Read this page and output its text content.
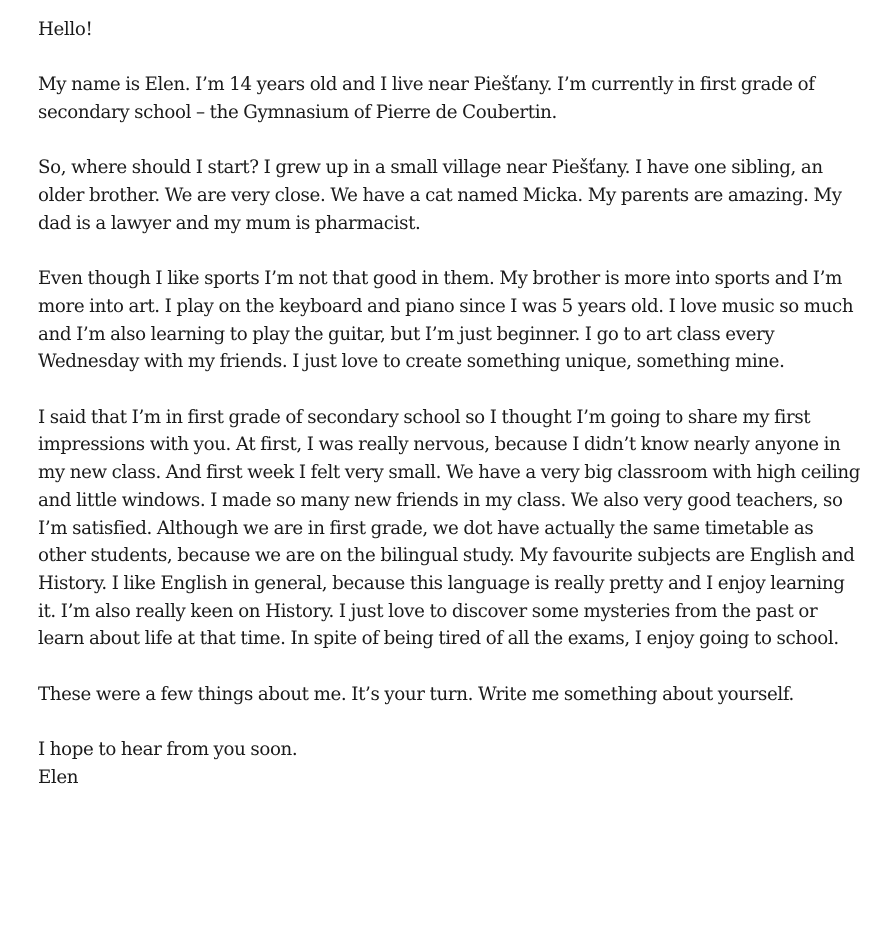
Hello!

My name is Elen. I’m 14 years old and I live near Piešťany. I’m currently in first grade of secondary school – the Gymnasium of Pierre de Coubertin.

So, where should I start? I grew up in a small village near Piešťany. I have one sibling, an older brother. We are very close. We have a cat named Micka. My parents are amazing. My dad is a lawyer and my mum is pharmacist.

Even though I like sports I’m not that good in them. My brother is more into sports and I’m more into art. I play on the keyboard and piano since I was 5 years old. I love music so much and I’m also learning to play the guitar, but I’m just beginner. I go to art class every Wednesday with my friends. I just love to create something unique, something mine.

I said that I’m in first grade of secondary school so I thought I’m going to share my first impressions with you. At first, I was really nervous, because I didn’t know nearly anyone in my new class. And first week I felt very small. We have a very big classroom with high ceiling and little windows. I made so many new friends in my class. We also very good teachers, so I’m satisfied. Although we are in first grade, we dot have actually the same timetable as other students, because we are on the bilingual study. My favourite subjects are English and History. I like English in general, because this language is really pretty and I enjoy learning it. I’m also really keen on History. I just love to discover some mysteries from the past or learn about life at that time. In spite of being tired of all the exams, I enjoy going to school.

These were a few things about me. It’s your turn. Write me something about yourself.

I hope to hear from you soon.
Elen
